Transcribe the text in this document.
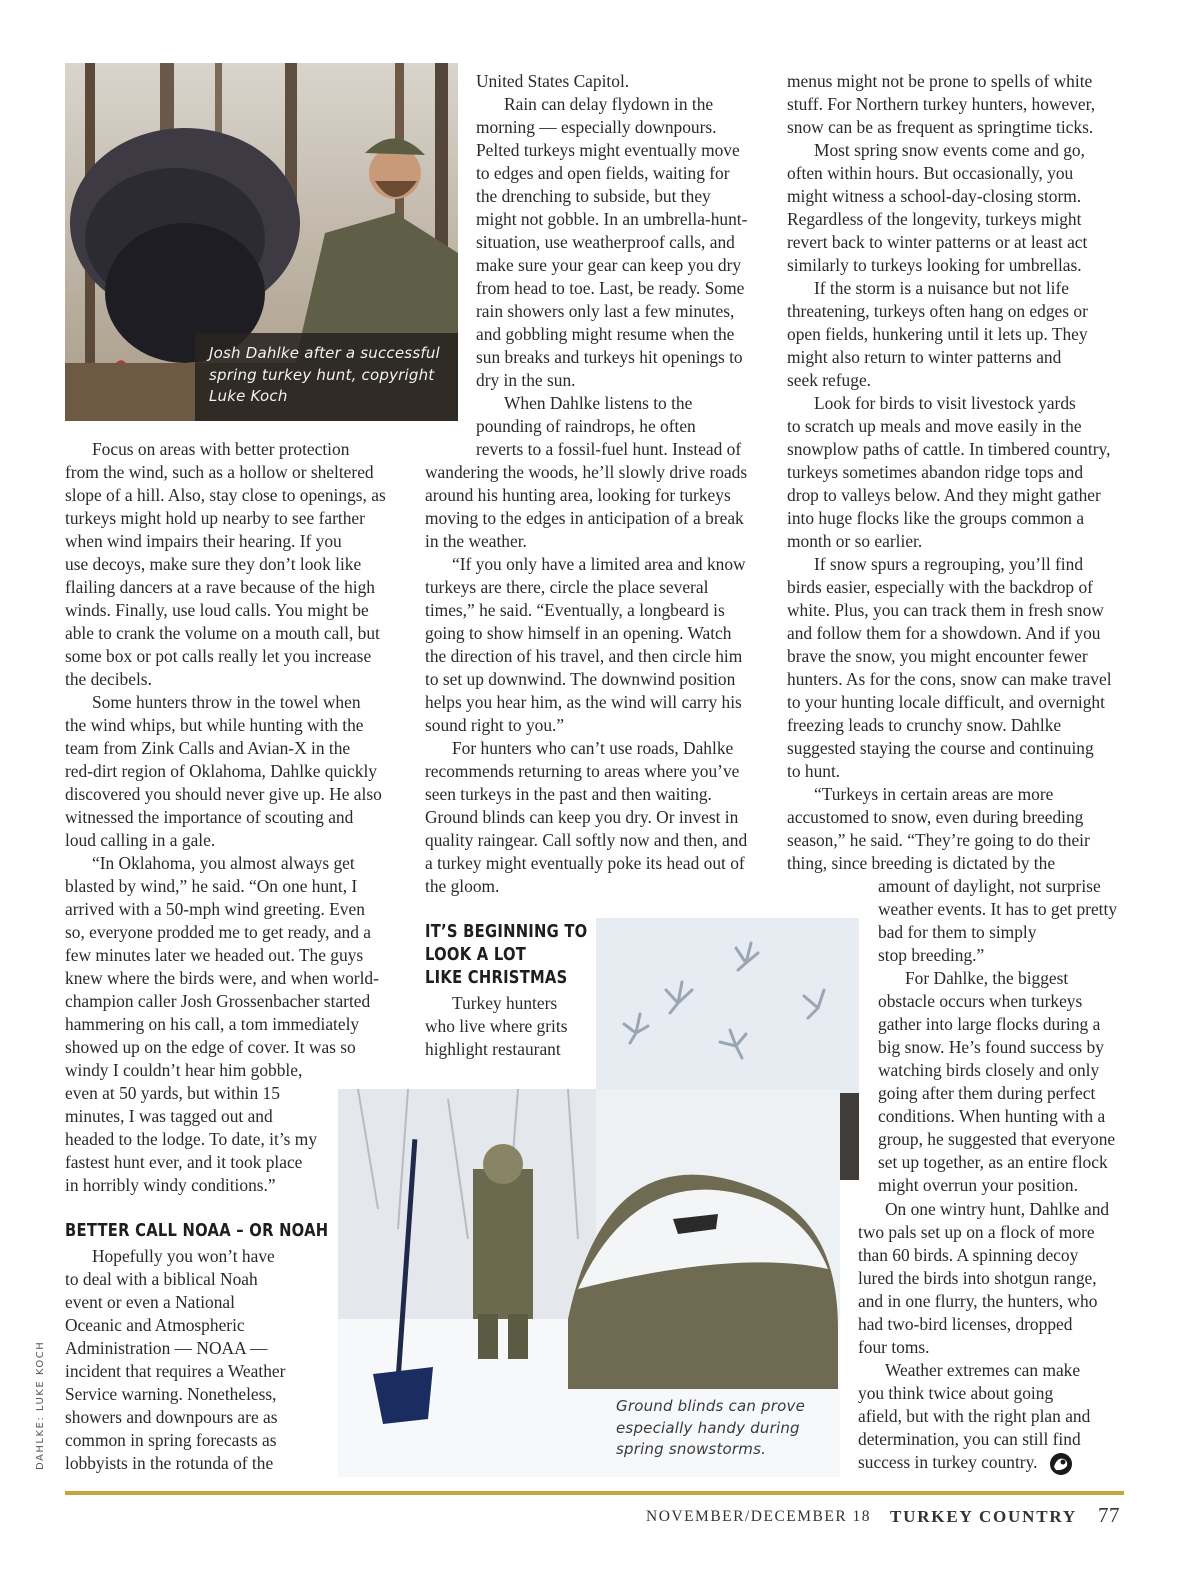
Josh Dahlke after a successful spring turkey hunt, copyright Luke Koch
Focus on areas with better protection
from the wind, such as a hollow or sheltered
slope of a hill. Also, stay close to openings, as
turkeys might hold up nearby to see farther
when wind impairs their hearing. If you
use decoys, make sure they don’t look like
flailing dancers at a rave because of the high
winds. Finally, use loud calls. You might be
able to crank the volume on a mouth call, but
some box or pot calls really let you increase
the decibels.
Some hunters throw in the towel when
the wind whips, but while hunting with the
team from Zink Calls and Avian-X in the
red-dirt region of Oklahoma, Dahlke quickly
discovered you should never give up. He also
witnessed the importance of scouting and
loud calling in a gale.
“In Oklahoma, you almost always get
blasted by wind,” he said. “On one hunt, I
arrived with a 50-mph wind greeting. Even
so, everyone prodded me to get ready, and a
few minutes later we headed out. The guys
knew where the birds were, and when world-
champion caller Josh Grossenbacher started
hammering on his call, a tom immediately
showed up on the edge of cover. It was so
windy I couldn’t hear him gobble,
even at 50 yards, but within 15
minutes, I was tagged out and
headed to the lodge. To date, it’s my
fastest hunt ever, and it took place
in horribly windy conditions.”
BETTER CALL NOAA – OR NOAH
Hopefully you won’t have
to deal with a biblical Noah
event or even a National
Oceanic and Atmospheric
Administration — NOAA —
incident that requires a Weather
Service warning. Nonetheless,
showers and downpours are as
common in spring forecasts as
lobbyists in the rotunda of the
DAHLKE: LUKE KOCH
United States Capitol.
Rain can delay flydown in the
morning — especially downpours.
Pelted turkeys might eventually move
to edges and open fields, waiting for
the drenching to subside, but they
might not gobble. In an umbrella-hunt-
situation, use weatherproof calls, and
make sure your gear can keep you dry
from head to toe. Last, be ready. Some
rain showers only last a few minutes,
and gobbling might resume when the
sun breaks and turkeys hit openings to
dry in the sun.
When Dahlke listens to the
pounding of raindrops, he often
reverts to a fossil-fuel hunt. Instead of
wandering the woods, he’ll slowly drive roads
around his hunting area, looking for turkeys
moving to the edges in anticipation of a break
in the weather.
“If you only have a limited area and know
turkeys are there, circle the place several
times,” he said. “Eventually, a longbeard is
going to show himself in an opening. Watch
the direction of his travel, and then circle him
to set up downwind. The downwind position
helps you hear him, as the wind will carry his
sound right to you.”
For hunters who can’t use roads, Dahlke
recommends returning to areas where you’ve
seen turkeys in the past and then waiting.
Ground blinds can keep you dry. Or invest in
quality raingear. Call softly now and then, and
a turkey might eventually poke its head out of
the gloom.
IT’S BEGINNING TO
LOOK A LOT
LIKE CHRISTMAS
Turkey hunters
who live where grits
highlight restaurant
Ground blinds can prove especially handy during spring snowstorms.
menus might not be prone to spells of white
stuff. For Northern turkey hunters, however,
snow can be as frequent as springtime ticks.
Most spring snow events come and go,
often within hours. But occasionally, you
might witness a school-day-closing storm.
Regardless of the longevity, turkeys might
revert back to winter patterns or at least act
similarly to turkeys looking for umbrellas.
If the storm is a nuisance but not life
threatening, turkeys often hang on edges or
open fields, hunkering until it lets up. They
might also return to winter patterns and
seek refuge.
Look for birds to visit livestock yards
to scratch up meals and move easily in the
snowplow paths of cattle. In timbered country,
turkeys sometimes abandon ridge tops and
drop to valleys below. And they might gather
into huge flocks like the groups common a
month or so earlier.
If snow spurs a regrouping, you’ll find
birds easier, especially with the backdrop of
white. Plus, you can track them in fresh snow
and follow them for a showdown. And if you
brave the snow, you might encounter fewer
hunters. As for the cons, snow can make travel
to your hunting locale difficult, and overnight
freezing leads to crunchy snow. Dahlke
suggested staying the course and continuing
to hunt.
“Turkeys in certain areas are more
accustomed to snow, even during breeding
season,” he said. “They’re going to do their
thing, since breeding is dictated by the
amount of daylight, not surprise
weather events. It has to get pretty
bad for them to simply
stop breeding.”
For Dahlke, the biggest
obstacle occurs when turkeys
gather into large flocks during a
big snow. He’s found success by
watching birds closely and only
going after them during perfect
conditions. When hunting with a
group, he suggested that everyone
set up together, as an entire flock
might overrun your position.
On one wintry hunt, Dahlke and
two pals set up on a flock of more
than 60 birds. A spinning decoy
lured the birds into shotgun range,
and in one flurry, the hunters, who
had two-bird licenses, dropped
four toms.
Weather extremes can make
you think twice about going
afield, but with the right plan and
determination, you can still find
success in turkey country.
NOVEMBER/DECEMBER 18 TURKEY COUNTRY 77
